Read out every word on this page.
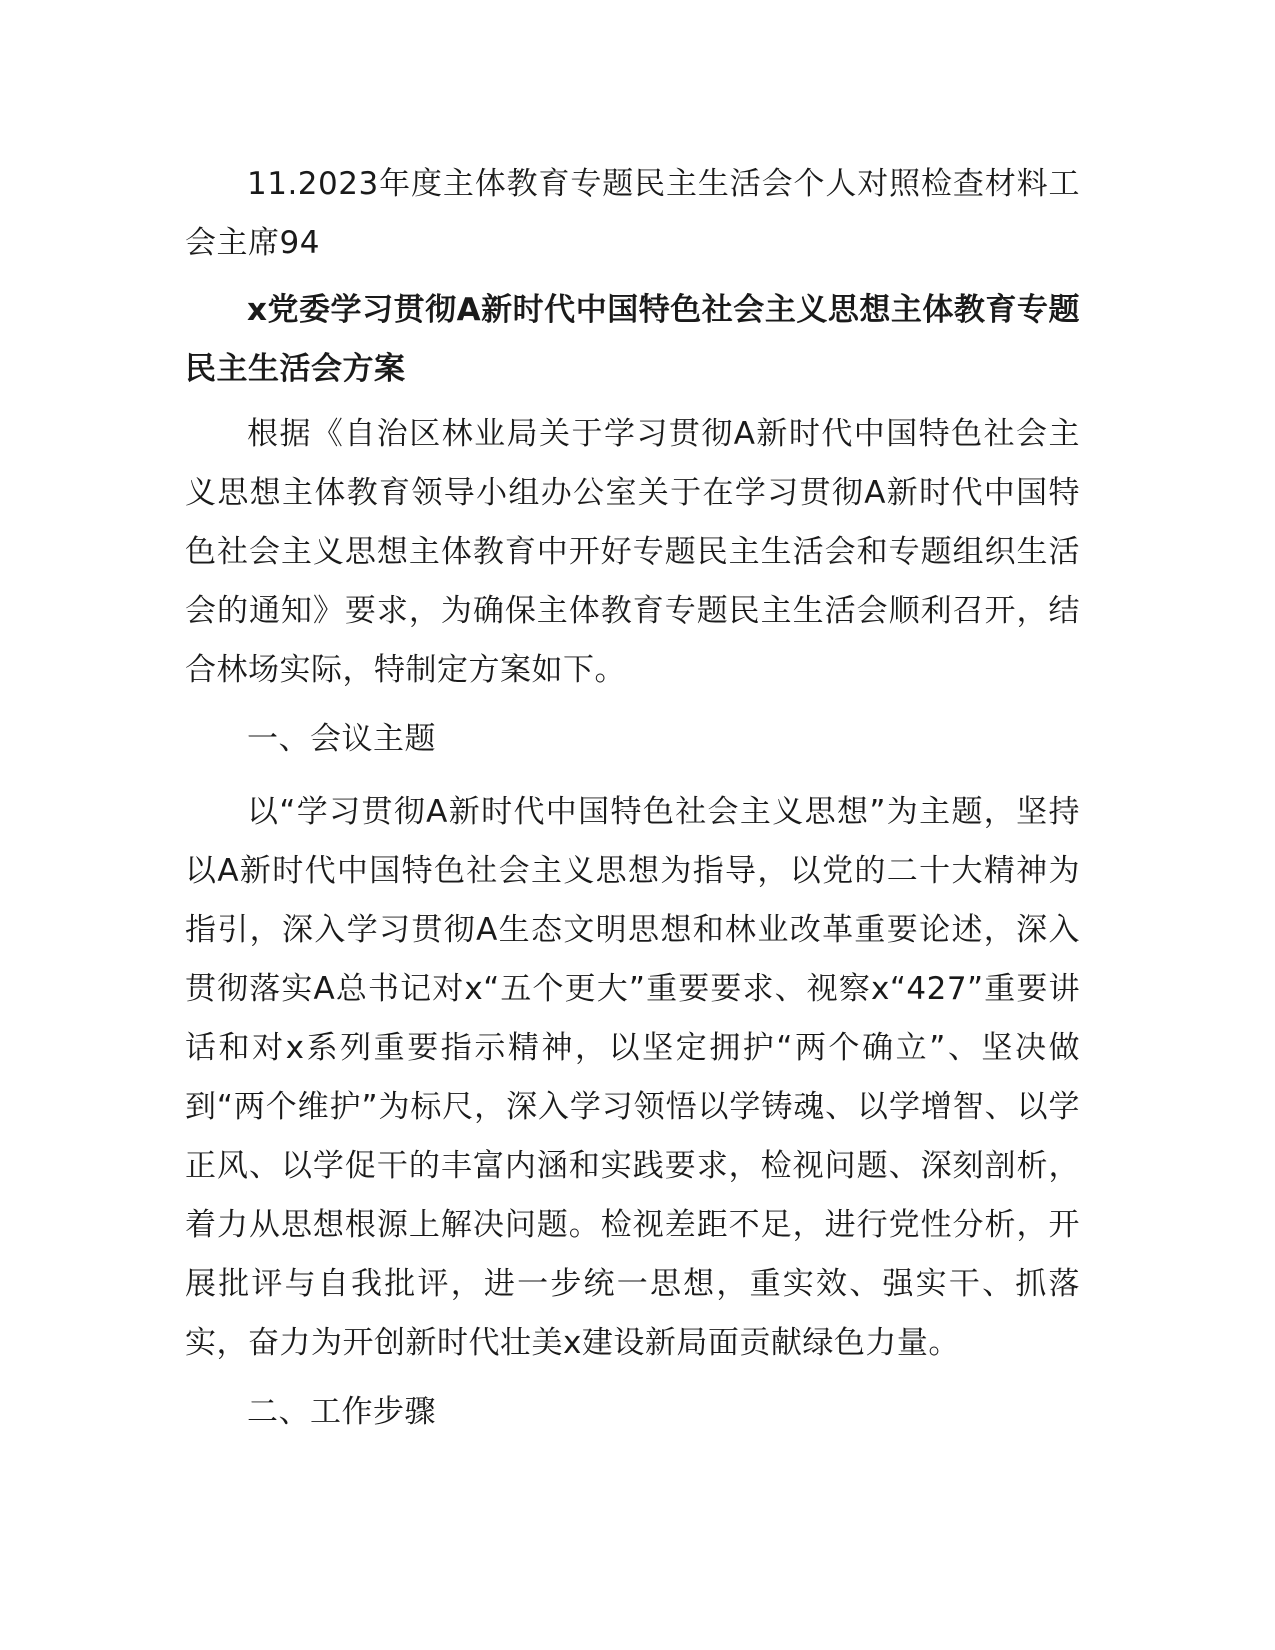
11.2023年度主体教育专题民主生活会个人对照检查材料工会主席94

x党委学习贯彻A新时代中国特色社会主义思想主体教育专题民主生活会方案

根据《自治区林业局关于学习贯彻A新时代中国特色社会主义思想主体教育领导小组办公室关于在学习贯彻A新时代中国特色社会主义思想主体教育中开好专题民主生活会和专题组织生活会的通知》要求，为确保主体教育专题民主生活会顺利召开，结合林场实际，特制定方案如下。

一、会议主题

以“学习贯彻A新时代中国特色社会主义思想”为主题，坚持以A新时代中国特色社会主义思想为指导，以党的二十大精神为指引，深入学习贯彻A生态文明思想和林业改革重要论述，深入贯彻落实A总书记对x“五个更大”重要要求、视察x“427”重要讲话和对x系列重要指示精神，以坚定拥护“两个确立”、坚决做到“两个维护”为标尺，深入学习领悟以学铸魂、以学增智、以学正风、以学促干的丰富内涵和实践要求，检视问题、深刻剖析，着力从思想根源上解决问题。检视差距不足，进行党性分析，开展批评与自我批评，进一步统一思想，重实效、强实干、抓落实，奋力为开创新时代壮美x建设新局面贡献绿色力量。

二、工作步骤
